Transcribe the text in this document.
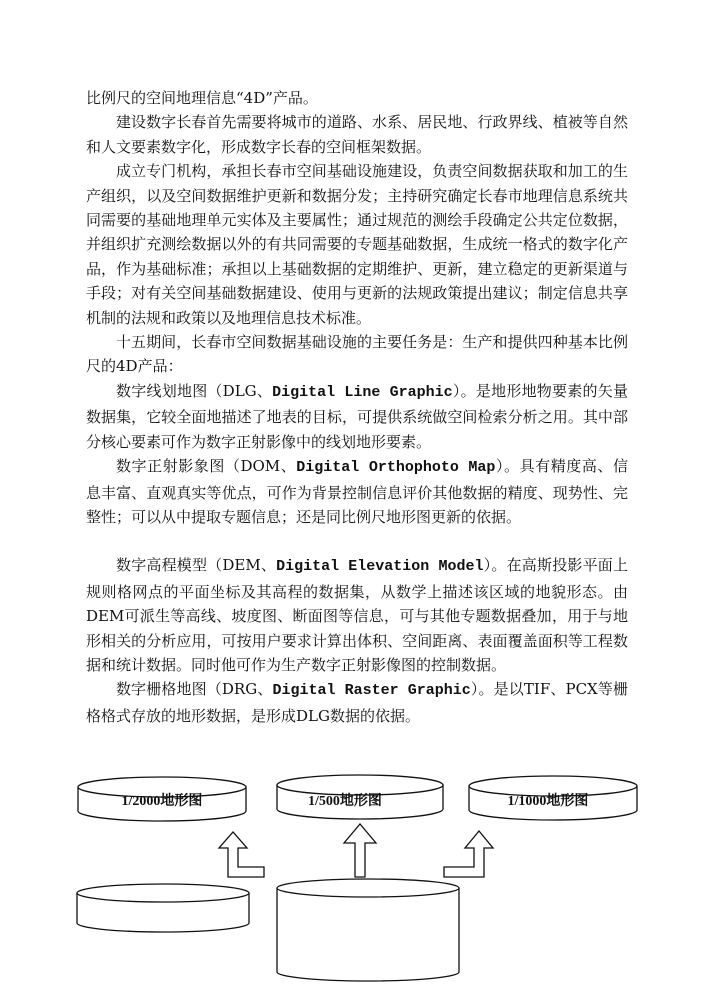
比例尺的空间地理信息“4D”产品。

建设数字长春首先需要将城市的道路、水系、居民地、行政界线、植被等自然和人文要素数字化，形成数字长春的空间框架数据。

成立专门机构，承担长春市空间基础设施建设，负责空间数据获取和加工的生产组织，以及空间数据维护更新和数据分发；主持研究确定长春市地理信息系统共同需要的基础地理单元实体及主要属性；通过规范的测绘手段确定公共定位数据，并组织扩充测绘数据以外的有共同需要的专题基础数据，生成统一格式的数字化产品，作为基础标准；承担以上基础数据的定期维护、更新，建立稳定的更新渠道与手段；对有关空间基础数据建设、使用与更新的法规政策提出建议；制定信息共享机制的法规和政策以及地理信息技术标准。

十五期间，长春市空间数据基础设施的主要任务是：生产和提供四种基本比例尺的4D产品：

数字线划地图（DLG、Digital Line Graphic）。是地形地物要素的矢量数据集，它较全面地描述了地表的目标，可提供系统做空间检索分析之用。其中部分核心要素可作为数字正射影像中的线划地形要素。

数字正射影象图（DOM、Digital Orthophoto Map）。具有精度高、信息丰富、直观真实等优点，可作为背景控制信息评价其他数据的精度、现势性、完整性；可以从中提取专题信息；还是同比例尺地形图更新的依据。

数字高程模型（DEM、Digital Elevation Model）。在高斯投影平面上规则格网点的平面坐标及其高程的数据集，从数学上描述该区域的地貌形态。由DEM可派生等高线、坡度图、断面图等信息，可与其他专题数据叠加，用于与地形相关的分析应用，可按用户要求计算出体积、空间距离、表面覆盖面积等工程数据和统计数据。同时他可作为生产数字正射影像图的控制数据。

数字栅格地图（DRG、Digital Raster Graphic）。是以TIF、PCX等栅格格式存放的地形数据，是形成DLG数据的依据。

1/2000地形图	1/500地形图	1/1000地形图
